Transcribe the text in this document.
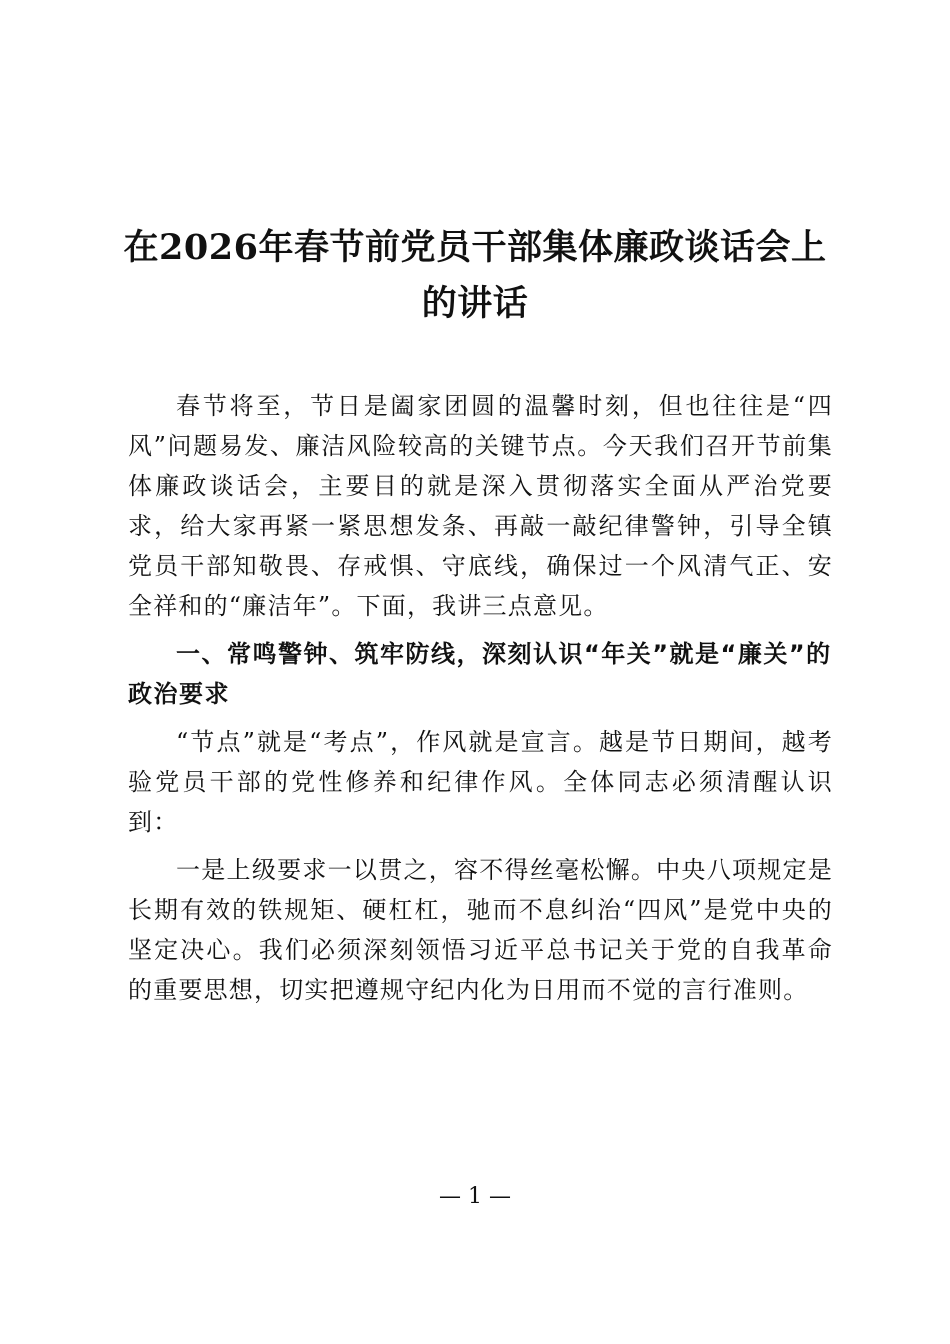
在2026年春节前党员干部集体廉政谈话会上
的讲话

春节将至，节日是阖家团圆的温馨时刻，但也往往是“四风”问题易发、廉洁风险较高的关键节点。今天我们召开节前集体廉政谈话会，主要目的就是深入贯彻落实全面从严治党要求，给大家再紧一紧思想发条、再敲一敲纪律警钟，引导全镇党员干部知敬畏、存戒惧、守底线，确保过一个风清气正、安全祥和的“廉洁年”。下面，我讲三点意见。

一、常鸣警钟、筑牢防线，深刻认识“年关”就是“廉关”的政治要求

“节点”就是“考点”，作风就是宣言。越是节日期间，越考验党员干部的党性修养和纪律作风。全体同志必须清醒认识到：

一是上级要求一以贯之，容不得丝毫松懈。中央八项规定是长期有效的铁规矩、硬杠杠，驰而不息纠治“四风”是党中央的坚定决心。我们必须深刻领悟习近平总书记关于党的自我革命的重要思想，切实把遵规守纪内化为日用而不觉的言行准则。

— 1 —
